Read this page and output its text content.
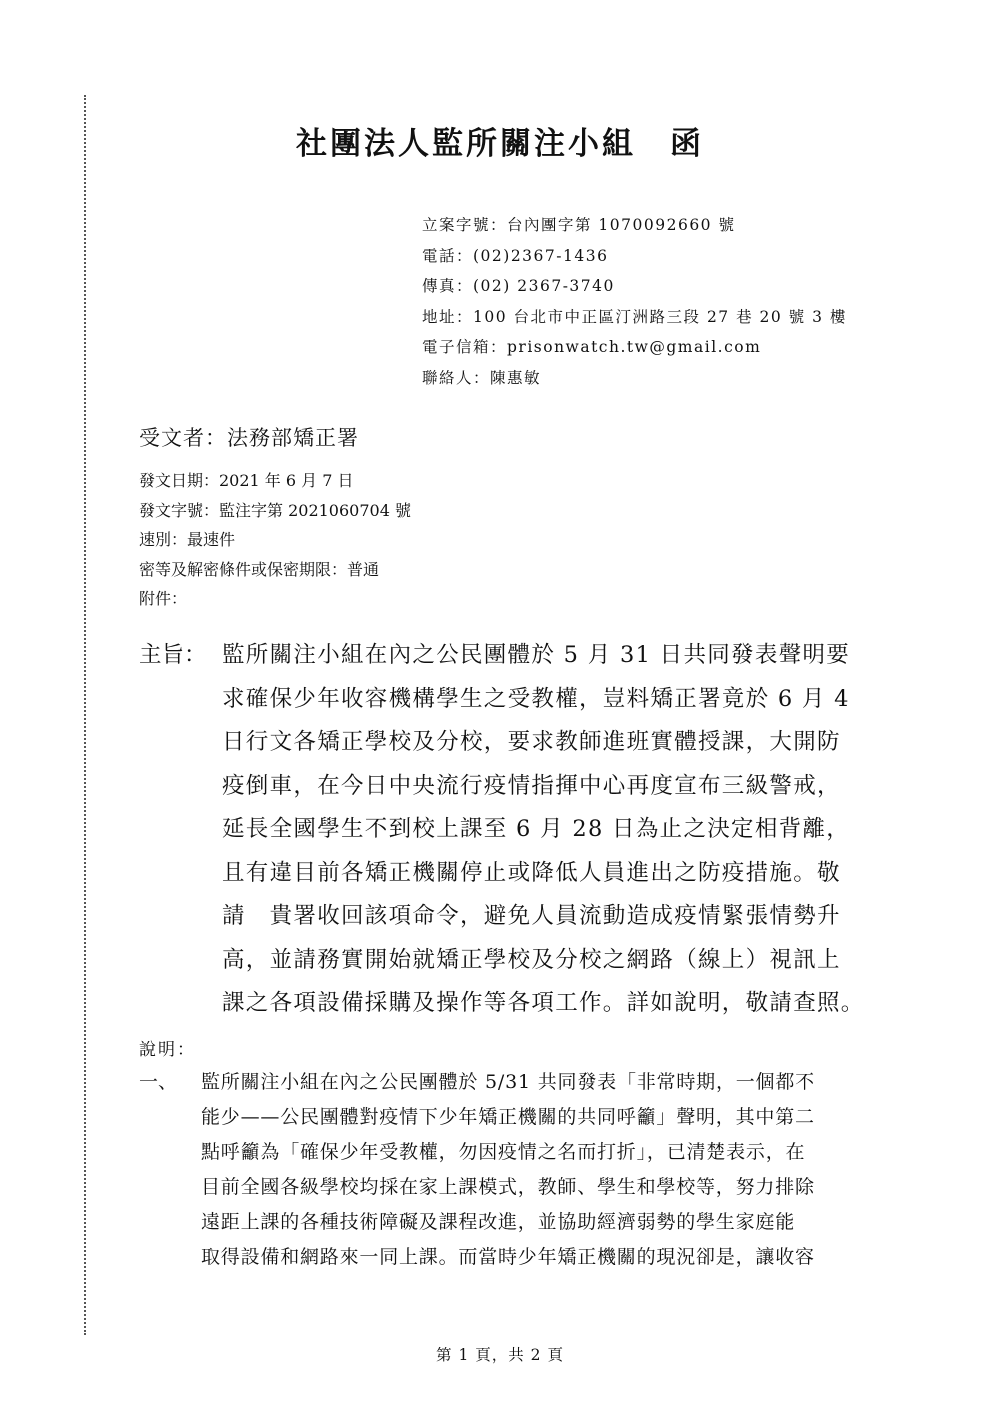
社團法人監所關注小組　函
立案字號：台內團字第 1070092660 號
電話：(02)2367-1436
傳真：(02) 2367-3740
地址：100 台北市中正區汀洲路三段 27 巷 20 號 3 樓
電子信箱：prisonwatch.tw@gmail.com
聯絡人：陳惠敏
受文者：法務部矯正署
發文日期：2021 年 6 月 7 日
發文字號：監注字第 2021060704 號
速別：最速件
密等及解密條件或保密期限：普通
附件：
主旨： 監所關注小組在內之公民團體於 5 月 31 日共同發表聲明要
求確保少年收容機構學生之受教權，豈料矯正署竟於 6 月 4
日行文各矯正學校及分校，要求教師進班實體授課，大開防
疫倒車，在今日中央流行疫情指揮中心再度宣布三級警戒，
延長全國學生不到校上課至 6 月 28 日為止之決定相背離，
且有違目前各矯正機關停止或降低人員進出之防疫措施。敬
請　貴署收回該項命令，避免人員流動造成疫情緊張情勢升
高，並請務實開始就矯正學校及分校之網路（線上）視訊上
課之各項設備採購及操作等各項工作。詳如說明，敬請查照。
說明：
一、 監所關注小組在內之公民團體於 5/31 共同發表「非常時期，一個都不
能少——公民團體對疫情下少年矯正機關的共同呼籲」聲明，其中第二
點呼籲為「確保少年受教權，勿因疫情之名而打折」，已清楚表示，在
目前全國各級學校均採在家上課模式，教師、學生和學校等，努力排除
遠距上課的各種技術障礙及課程改進，並協助經濟弱勢的學生家庭能
取得設備和網路來一同上課。而當時少年矯正機關的現況卻是，讓收容
第 1 頁，共 2 頁
